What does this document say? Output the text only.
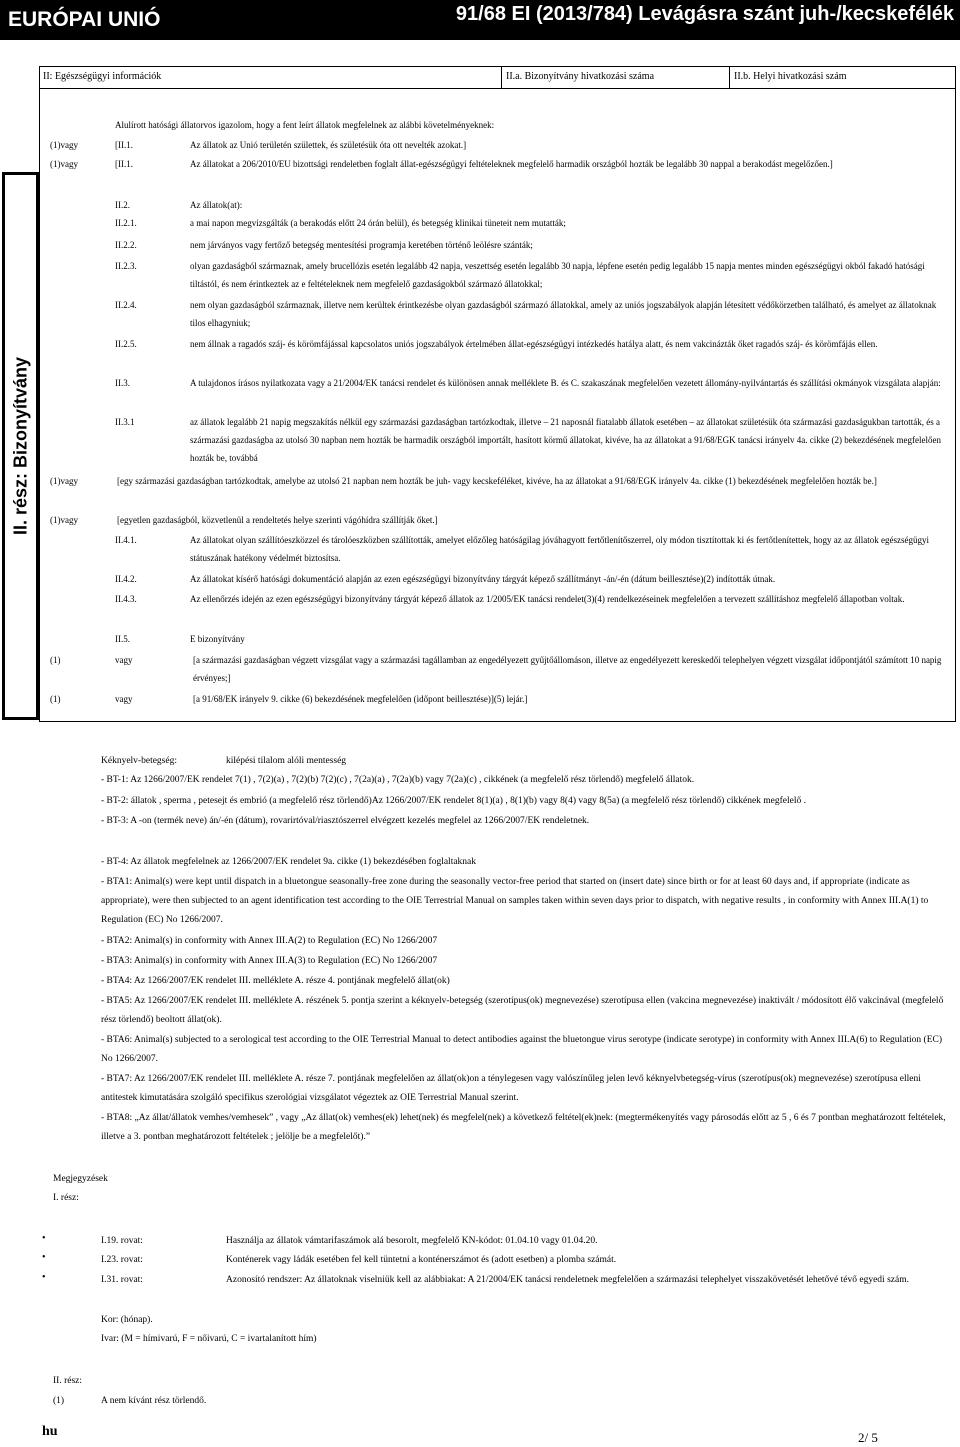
EURÓPAI UNIÓ	91/68 EI (2013/784) Levágásra szánt juh-/kecskefélék
II: Egészségügyi információk	II.a. Bizonyítvány hivatkozási száma	II.b. Helyi hivatkozási szám
II. rész: Bizonyítvány
Alulírott hatósági állatorvos igazolom, hogy a fent leírt állatok megfelelnek az alábbi követelményeknek:
(1)vagy	[II.1.	Az állatok az Unió területén születtek, és születésük óta ott nevelték azokat.]
(1)vagy	[II.1.	Az állatokat a 206/2010/EU bizottsági rendeletben foglalt állat-egészségügyi feltételeknek megfelelő harmadik országból hozták be legalább 30 nappal a berakodást megelőzően.]
II.2.	Az állatok(at):
II.2.1.	a mai napon megvizsgálták (a berakodás előtt 24 órán belül), és betegség klinikai tüneteit nem mutatták;
II.2.2.	nem járványos vagy fertőző betegség mentesítési programja keretében történő leölésre szánták;
II.2.3.	olyan gazdaságból származnak, amely brucellózis esetén legalább 42 napja, veszettség esetén legalább 30 napja, lépfene esetén pedig legalább 15 napja mentes minden egészségügyi okból fakadó hatósági tiltástól, és nem érintkeztek az e feltételeknek nem megfelelő gazdaságokból származó állatokkal;
II.2.4.	nem olyan gazdaságból származnak, illetve nem kerültek érintkezésbe olyan gazdaságból származó állatokkal, amely az uniós jogszabályok alapján létesített védőkörzetben található, és amelyet az állatoknak tilos elhagyniuk;
II.2.5.	nem állnak a ragadós száj- és körömfájással kapcsolatos uniós jogszabályok értelmében állat-egészségügyi intézkedés hatálya alatt, és nem vakcinázták őket ragadós száj- és körömfájás ellen.
II.3.	A tulajdonos írásos nyilatkozata vagy a 21/2004/EK tanácsi rendelet és különösen annak melléklete B. és C. szakaszának megfelelően vezetett állomány-nyilvántartás és szállítási okmányok vizsgálata alapján:
II.3.1	az állatok legalább 21 napig megszakítás nélkül egy származási gazdaságban tartózkodtak, illetve – 21 naposnál fiatalabb állatok esetében – az állatokat születésük óta származási gazdaságukban tartották, és a származási gazdaságba az utolsó 30 napban nem hozták be harmadik országból importált, hasított körmű állatokat, kivéve, ha az állatokat a 91/68/EGK tanácsi irányelv 4a. cikke (2) bekezdésének megfelelően hozták be, továbbá
(1)vagy	[egy származási gazdaságban tartózkodtak, amelybe az utolsó 21 napban nem hozták be juh- vagy kecskeféléket, kivéve, ha az állatokat a 91/68/EGK irányelv 4a. cikke (1) bekezdésének megfelelően hozták be.]
(1)vagy	[egyetlen gazdaságból, közvetlenül a rendeltetés helye szerinti vágóhídra szállítják őket.]
II.4.1.	Az állatokat olyan szállítóeszközzel és tárolóeszközben szállították, amelyet előzőleg hatóságilag jóváhagyott fertőtlenítőszerrel, oly módon tisztítottak ki és fertőtlenítettek, hogy az az állatok egészségügyi státuszának hatékony védelmét biztosítsa.
II.4.2.	Az állatokat kísérő hatósági dokumentáció alapján az ezen egészségügyi bizonyítvány tárgyát képező szállítmányt -án/-én (dátum beillesztése)(2) indították útnak.
II.4.3.	Az ellenőrzés idején az ezen egészségügyi bizonyítvány tárgyát képező állatok az 1/2005/EK tanácsi rendelet(3)(4) rendelkezéseinek megfelelően a tervezett szállításhoz megfelelő állapotban voltak.
II.5.	E bizonyítvány
(1)	vagy	[a származási gazdaságban végzett vizsgálat vagy a származási tagállamban az engedélyezett gyűjtőállomáson, illetve az engedélyezett kereskedői telephelyen végzett vizsgálat időpontjától számított 10 napig érvényes;]
(1)	vagy	[a 91/68/EK irányelv 9. cikke (6) bekezdésének megfelelően (időpont beillesztése)](5) lejár.]
Kéknyelv-betegség:	kilépési tilalom alóli mentesség
- BT-1: Az 1266/2007/EK rendelet 7(1) , 7(2)(a) , 7(2)(b) 7(2)(c) , 7(2a)(a) , 7(2a)(b) vagy 7(2a)(c) , cikkének (a megfelelő rész törlendő) megfelelő állatok.
- BT-2: állatok , sperma , petesejt és embrió (a megfelelő rész törlendő)Az 1266/2007/EK rendelet 8(1)(a) , 8(1)(b) vagy 8(4) vagy 8(5a) (a megfelelő rész törlendő) cikkének megfelelő .
- BT-3: A -on (termék neve) án/-én (dátum), rovarirtóval/riasztószerrel elvégzett kezelés megfelel az 1266/2007/EK rendeletnek.
- BT-4: Az állatok megfelelnek az 1266/2007/EK rendelet 9a. cikke (1) bekezdésében foglaltaknak
- BTA1: Animal(s) were kept until dispatch in a bluetongue seasonally-free zone during the seasonally vector-free period that started on (insert date) since birth or for at least 60 days and, if appropriate (indicate as appropriate), were then subjected to an agent identification test according to the OIE Terrestrial Manual on samples taken within seven days prior to dispatch, with negative results , in conformity with Annex III.A(1) to Regulation (EC) No 1266/2007.
- BTA2: Animal(s) in conformity with Annex III.A(2) to Regulation (EC) No 1266/2007
- BTA3: Animal(s) in conformity with Annex III.A(3) to Regulation (EC) No 1266/2007
- BTA4: Az 1266/2007/EK rendelet III. melléklete A. része 4. pontjának megfelelő állat(ok)
- BTA5: Az 1266/2007/EK rendelet III. melléklete A. részének 5. pontja szerint a kéknyelv-betegség (szerotípus(ok) megnevezése) szerotípusa ellen (vakcina megnevezése) inaktivált / módosított élő vakcinával (megfelelő rész törlendő) beoltott állat(ok).
- BTA6: Animal(s) subjected to a serological test according to the OIE Terrestrial Manual to detect antibodies against the bluetongue virus serotype (indicate serotype) in conformity with Annex III.A(6) to Regulation (EC) No 1266/2007.
- BTA7: Az 1266/2007/EK rendelet III. melléklete A. része 7. pontjának megfelelően az állat(ok)on a ténylegesen vagy valószínűleg jelen levő kéknyelvbetegség-vírus (szerotípus(ok) megnevezése) szerotípusa elleni antitestek kimutatására szolgáló specifikus szerológiai vizsgálatot végeztek az OIE Terrestrial Manual szerint.
- BTA8: „Az állat/állatok vemhes/vemhesek” , vagy „Az állat(ok) vemhes(ek) lehet(nek) és megfelel(nek) a következő feltétel(ek)nek: (megtermékenyítés vagy párosodás előtt az 5 , 6 és 7 pontban meghatározott feltételek, illetve a 3. pontban meghatározott feltételek ; jelölje be a megfelelőt).”
Megjegyzések
I. rész:
•	I.19. rovat:	Használja az állatok vámtarifaszámok alá besorolt, megfelelő KN-kódot: 01.04.10 vagy 01.04.20.
•	I.23. rovat:	Konténerek vagy ládák esetében fel kell tüntetni a konténerszámot és (adott esetben) a plomba számát.
•	I.31. rovat:	Azonosító rendszer: Az állatoknak viselniük kell az alábbiakat: A 21/2004/EK tanácsi rendeletnek megfelelően a származási telephelyet visszakövetését lehetővé tévő egyedi szám.
Kor: (hónap).
Ivar: (M = hímivarú, F = nőivarú, C = ivartalanított hím)
II. rész:
(1)	A nem kívánt rész törlendő.
hu	2/ 5
